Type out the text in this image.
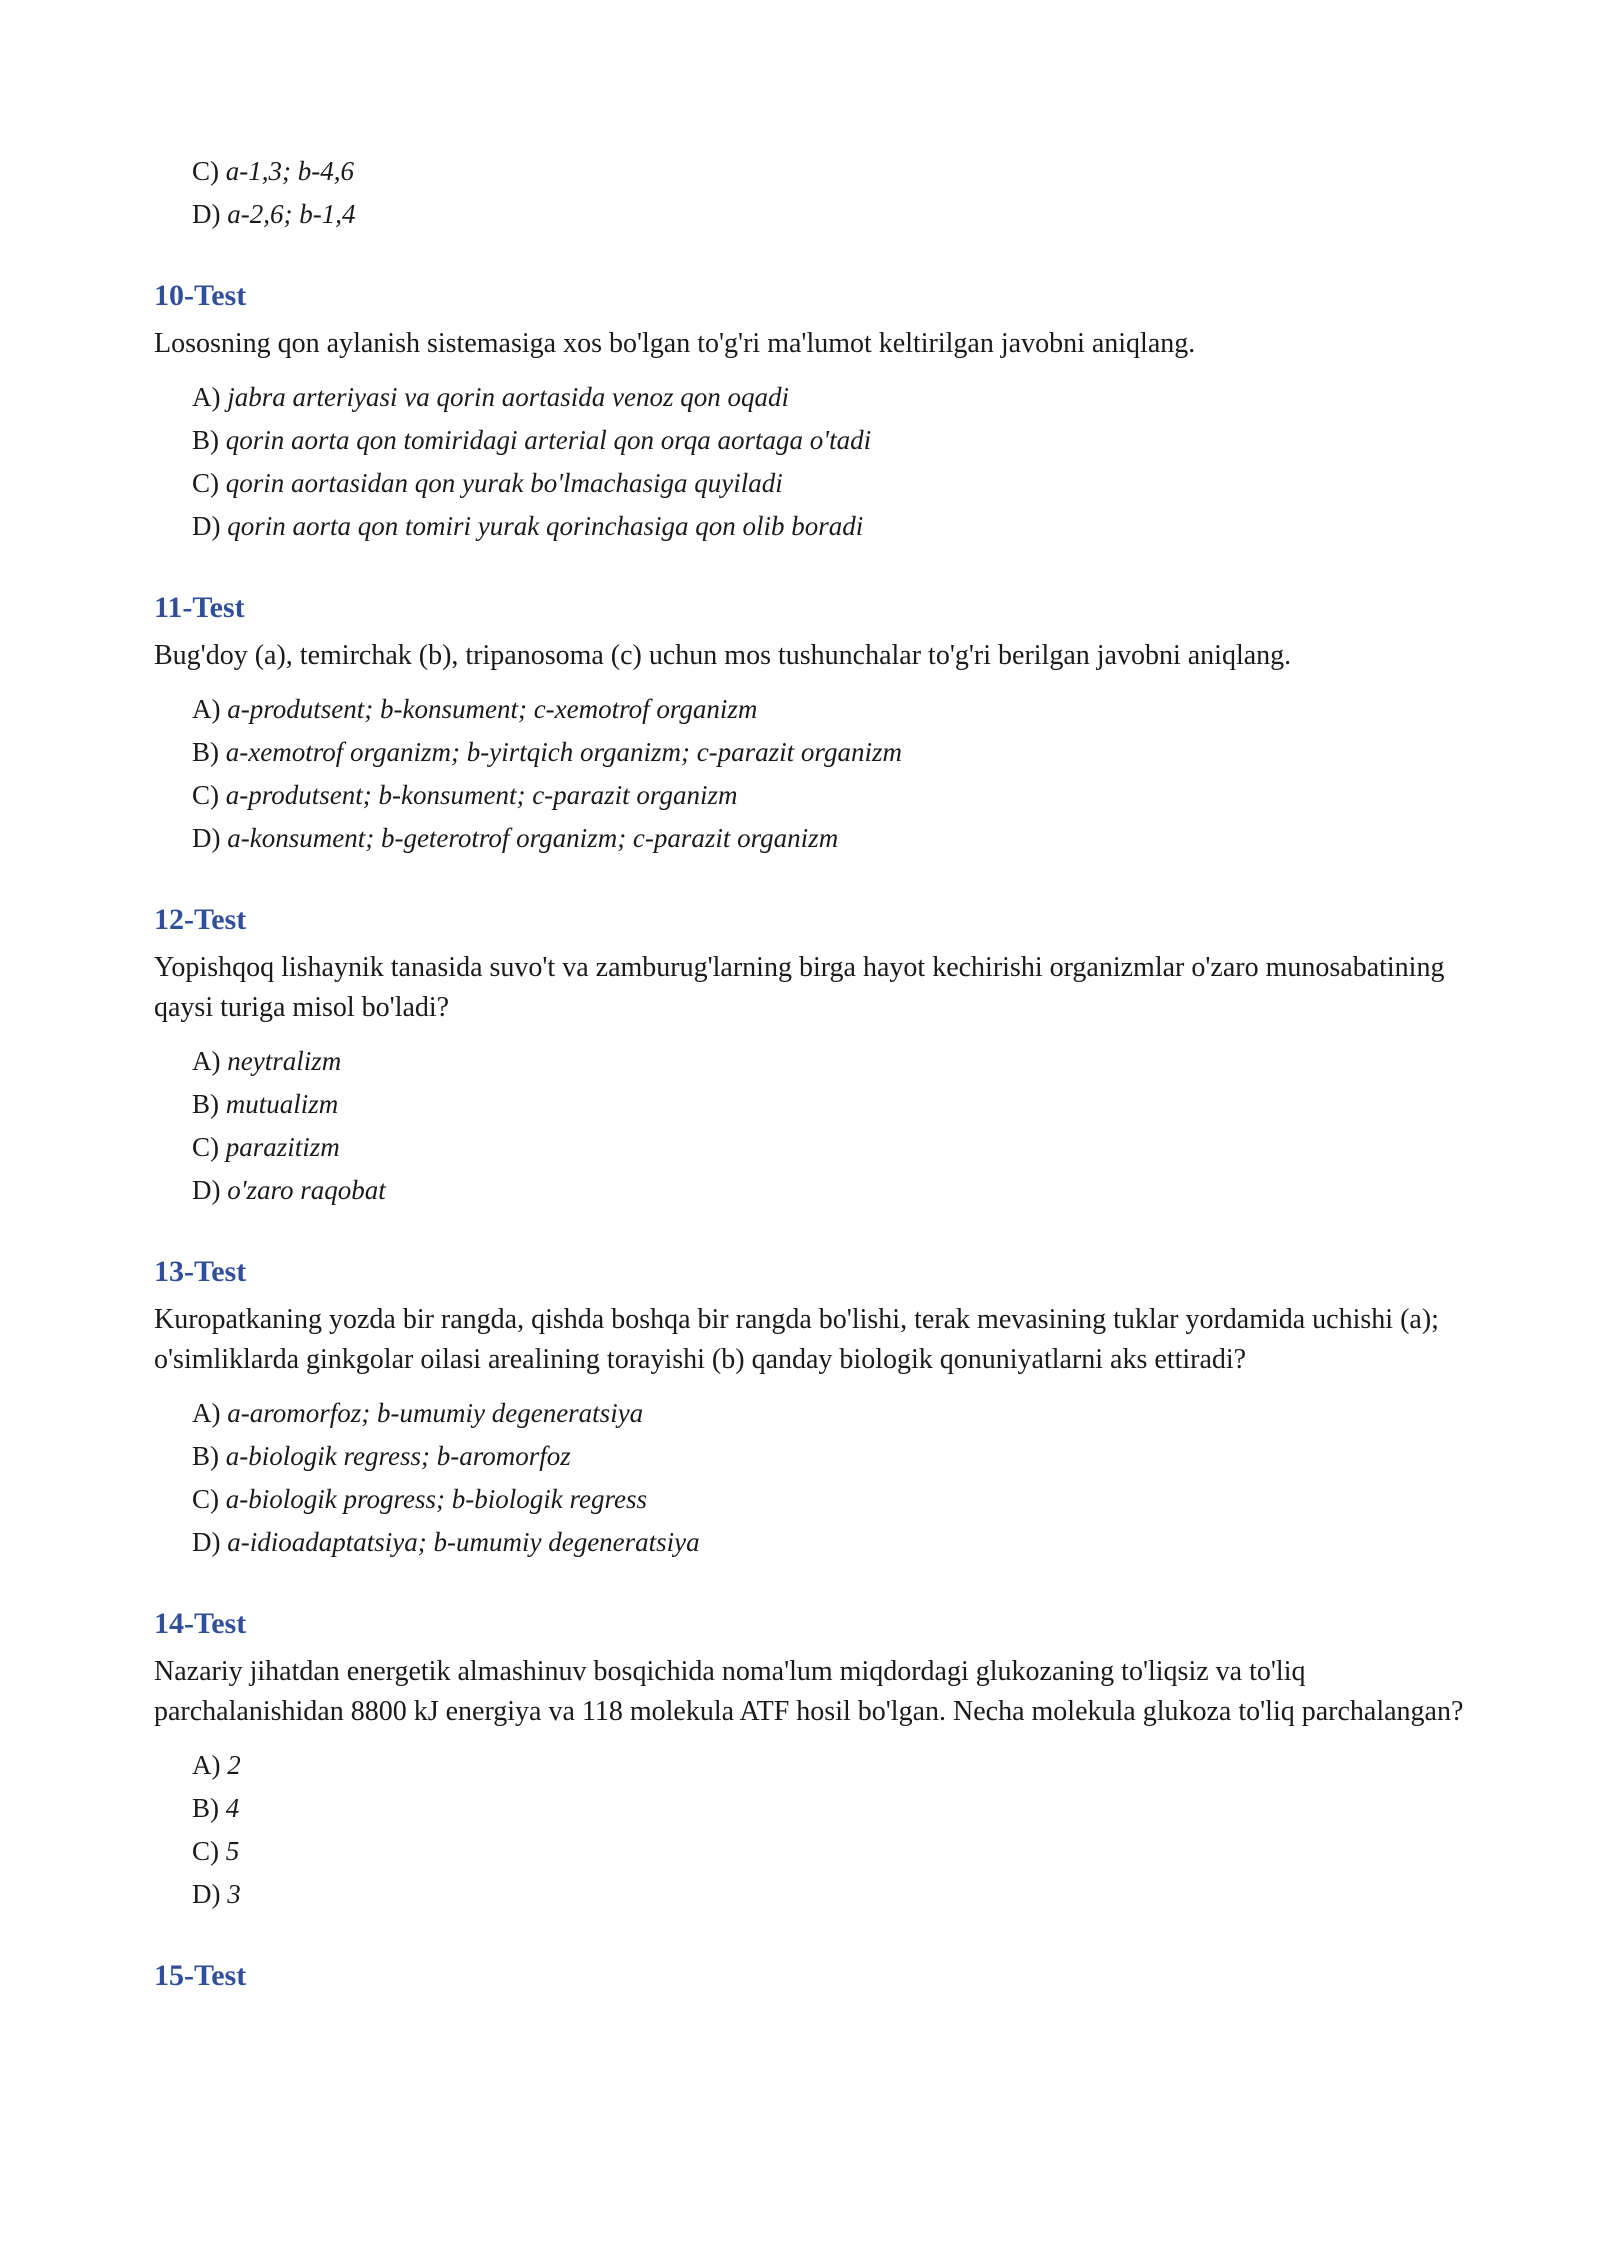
C) a-1,3; b-4,6
D) a-2,6; b-1,4
10-Test

Lososning qon aylanish sistemasiga xos bo'lgan to'g'ri ma'lumot keltirilgan javobni aniqlang.

A) jabra arteriyasi va qorin aortasida venoz qon oqadi
B) qorin aorta qon tomiridagi arterial qon orqa aortaga o'tadi
C) qorin aortasidan qon yurak bo'lmachasiga quyiladi
D) qorin aorta qon tomiri yurak qorinchasiga qon olib boradi
11-Test

Bug'doy (a), temirchak (b), tripanosoma (c) uchun mos tushunchalar to'g'ri berilgan javobni aniqlang.

A) a-produtsent; b-konsument; c-xemotrof organizm
B) a-xemotrof organizm; b-yirtqich organizm; c-parazit organizm
C) a-produtsent; b-konsument; c-parazit organizm
D) a-konsument; b-geterotrof organizm; c-parazit organizm
12-Test

Yopishqoq lishaynik tanasida suvo't va zamburug'larning birga hayot kechirishi organizmlar o'zaro munosabatining qaysi turiga misol bo'ladi?

A) neytralizm
B) mutualizm
C) parazitizm
D) o'zaro raqobat
13-Test

Kuropatkaning yozda bir rangda, qishda boshqa bir rangda bo'lishi, terak mevasining tuklar yordamida uchishi (a); o'simliklarda ginkgolar oilasi arealining torayishi (b) qanday biologik qonuniyatlarni aks ettiradi?

A) a-aromorfoz; b-umumiy degeneratsiya
B) a-biologik regress; b-aromorfoz
C) a-biologik progress; b-biologik regress
D) a-idioadaptatsiya; b-umumiy degeneratsiya
14-Test

Nazariy jihatdan energetik almashinuv bosqichida noma'lum miqdordagi glukozaning to'liqsiz va to'liq parchalanishidan 8800 kJ energiya va 118 molekula ATF hosil bo'lgan. Necha molekula glukoza to'liq parchalangan?

A) 2
B) 4
C) 5
D) 3
15-Test
